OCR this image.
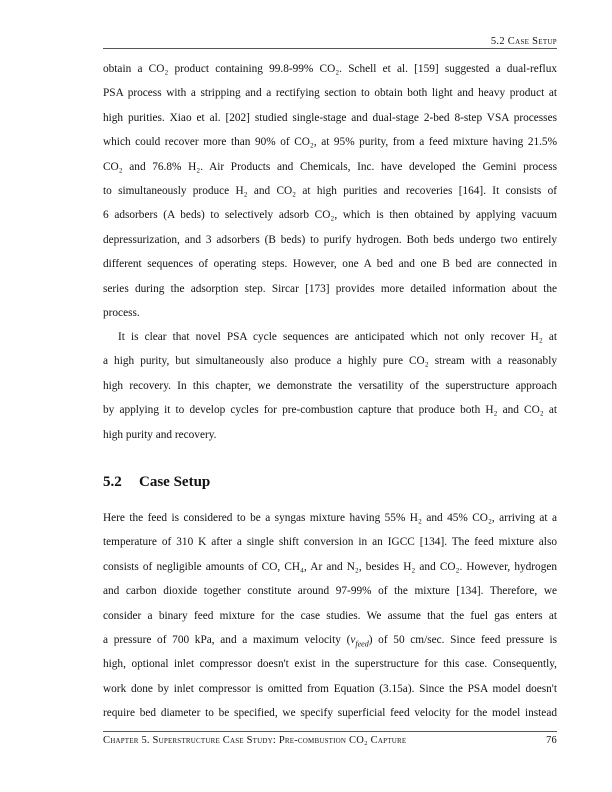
5.2 Case Setup
obtain a CO₂ product containing 99.8-99% CO₂. Schell et al. [159] suggested a dual-reflux
PSA process with a stripping and a rectifying section to obtain both light and heavy product at
high purities. Xiao et al. [202] studied single-stage and dual-stage 2-bed 8-step VSA processes
which could recover more than 90% of CO₂, at 95% purity, from a feed mixture having 21.5%
CO₂ and 76.8% H₂. Air Products and Chemicals, Inc. have developed the Gemini process
to simultaneously produce H₂ and CO₂ at high purities and recoveries [164]. It consists of
6 adsorbers (A beds) to selectively adsorb CO₂, which is then obtained by applying vacuum
depressurization, and 3 adsorbers (B beds) to purify hydrogen. Both beds undergo two entirely
different sequences of operating steps. However, one A bed and one B bed are connected in
series during the adsorption step. Sircar [173] provides more detailed information about the
process.
It is clear that novel PSA cycle sequences are anticipated which not only recover H₂ at
a high purity, but simultaneously also produce a highly pure CO₂ stream with a reasonably
high recovery. In this chapter, we demonstrate the versatility of the superstructure approach
by applying it to develop cycles for pre-combustion capture that produce both H₂ and CO₂ at
high purity and recovery.
5.2 Case Setup
Here the feed is considered to be a syngas mixture having 55% H₂ and 45% CO₂, arriving at a
temperature of 310 K after a single shift conversion in an IGCC [134]. The feed mixture also
consists of negligible amounts of CO, CH₄, Ar and N₂, besides H₂ and CO₂. However, hydrogen
and carbon dioxide together constitute around 97-99% of the mixture [134]. Therefore, we
consider a binary feed mixture for the case studies. We assume that the fuel gas enters at
a pressure of 700 kPa, and a maximum velocity $(v_{feed})$ of 50 cm/sec. Since feed pressure is
high, optional inlet compressor doesn't exist in the superstructure for this case. Consequently,
work done by inlet compressor is omitted from Equation (3.15a). Since the PSA model doesn't
require bed diameter to be specified, we specify superficial feed velocity for the model instead
Chapter 5. Superstructure Case Study: Pre-combustion CO₂ Capture	76
